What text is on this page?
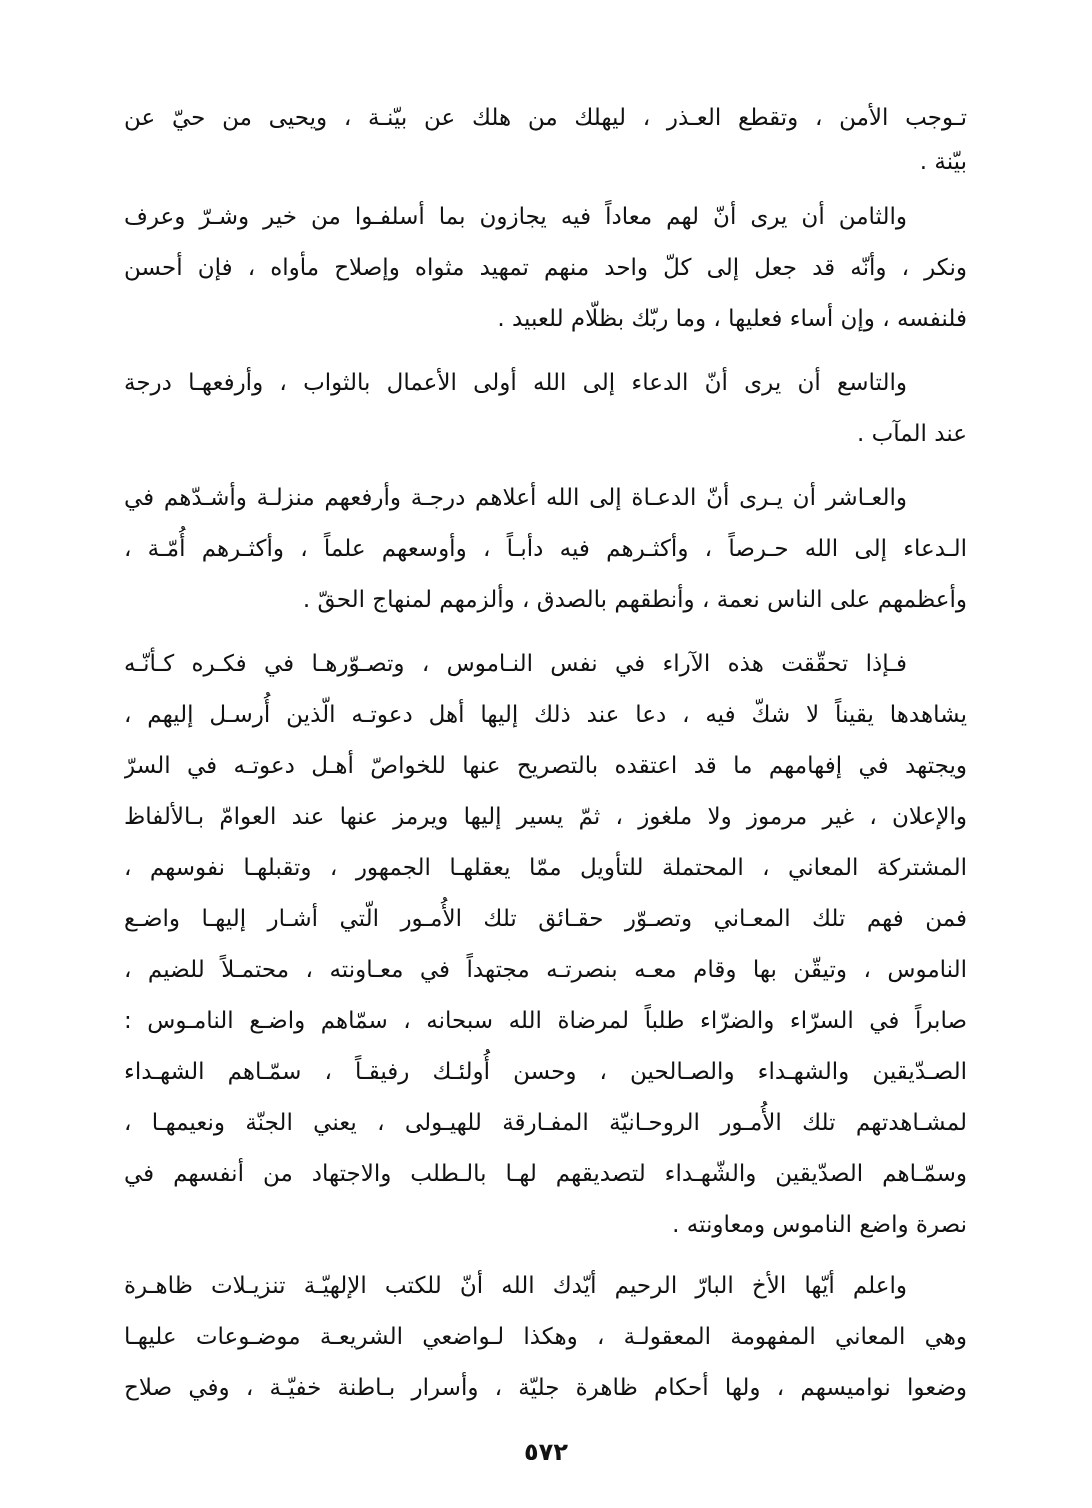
تـوجب الأمن ، وتقطع العـذر ، ليهلك من هلك عن بيّنـة ، ويحيى من حيّ عن
بيّنة .
والثامن أن يرى أنّ لهم معاداً فيه يجازون بما أسلفـوا من خير وشـرّ وعرف
ونكر ، وأنّه قد جعل إلى كلّ واحد منهم تمهيد مثواه وإصلاح مأواه ، فإن أحسن
فلنفسه ، وإن أساء فعليها ، وما ربّك بظلّام للعبيد .
والتاسع أن يرى أنّ الدعاء إلى الله أولى الأعمال بالثواب ، وأرفعهـا درجة
عند المآب .
والعـاشر أن يـرى أنّ الدعـاة إلى الله أعلاهم درجـة وأرفعهم منزلـة وأشـدّهم في
الـدعاء إلى الله حـرصاً ، وأكثـرهم فيه دأبـاً ، وأوسعهم علماً ، وأكثـرهم أُمّـة ،
وأعظمهم على الناس نعمة ، وأنطقهم بالصدق ، وألزمهم لمنهاج الحقّ .
فـإذا تحقّقت هذه الآراء في نفس النـاموس ، وتصـوّرهـا في فكـره كـأنّـه
يشاهدها يقيناً لا شكّ فيه ، دعا عند ذلك إليها أهل دعوتـه الّذين أُرسـل إليهم ،
ويجتهد في إفهامهم ما قد اعتقده بالتصريح عنها للخواصّ أهـل دعوتـه في السرّ
والإعلان ، غير مرموز ولا ملغوز ، ثمّ يسير إليها ويرمز عنها عند العوامّ بـالألفاظ
المشتركة المعاني ، المحتملة للتأويل ممّا يعقلهـا الجمهور ، وتقبلهـا نفوسهم ،
فمن فهم تلك المعـاني وتصـوّر حقـائق تلك الأُمـور الّتي أشـار إليهـا واضـع
الناموس ، وتيقّن بها وقام معـه بنصرتـه مجتهداً في معـاونته ، محتمـلاً للضيم ،
صابراً في السرّاء والضرّاء طلباً لمرضاة الله سبحانه ، سمّاهم واضـع النامـوس :
الصـدّيقين والشهـداء والصـالحين ، وحسن أُولئـك رفيقـاً ، سمّـاهم الشهـداء
لمشـاهدتهم تلك الأُمـور الروحـانيّة المفـارقة للهيـولى ، يعني الجنّة ونعيمهـا ،
وسمّـاهم الصدّيقين والشّهـداء لتصديقهم لهـا بالـطلب والاجتهاد من أنفسهم في
نصرة واضع الناموس ومعاونته .
واعلم أيّها الأخ البارّ الرحيم أيّدك الله أنّ للكتب الإلهيّـة تنزيـلات ظاهـرة
وهي المعاني المفهومة المعقولـة ، وهكذا لـواضعي الشريعـة موضـوعات عليهـا
وضعوا نواميسهم ، ولها أحكام ظاهرة جليّة ، وأسرار بـاطنة خفيّـة ، وفي صلاح
٥٧٢
